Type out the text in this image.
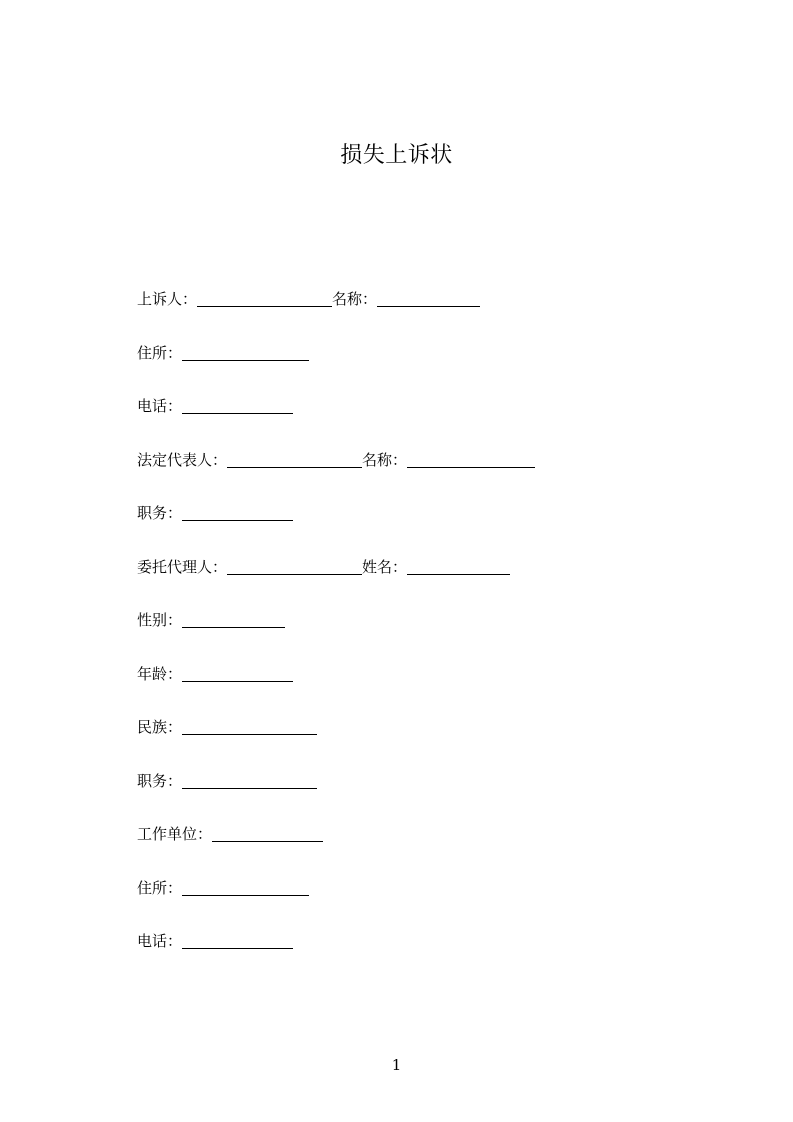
损失上诉状
上诉人：	名称：
住所：
电话：
法定代表人：	名称：
职务：
委托代理人：	姓名：
性别：
年龄：
民族：
职务：
工作单位：
住所：
电话：
1
